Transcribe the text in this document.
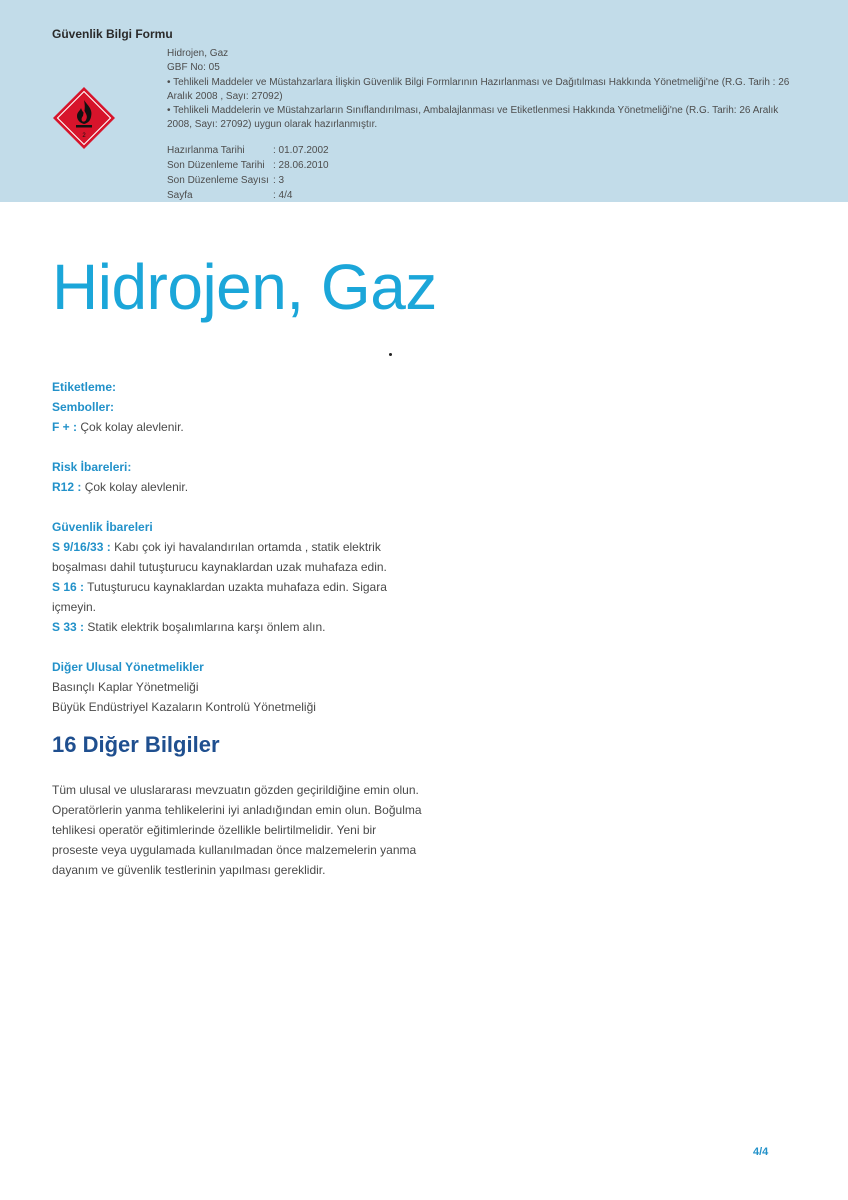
Güvenlik Bilgi Formu
2
Hidrojen, Gaz
GBF No: 05
• Tehlikeli Maddeler ve Müstahzarlara İlişkin Güvenlik Bilgi Formlarının Hazırlanması ve Dağıtılması Hakkında Yönetmeliği'ne (R.G. Tarih : 26 Aralık 2008 , Sayı: 27092)
• Tehlikeli Maddelerin ve Müstahzarların Sınıflandırılması, Ambalajlanması ve Etiketlenmesi Hakkında Yönetmeliği'ne (R.G. Tarih: 26 Aralık 2008, Sayı: 27092) uygun olarak hazırlanmıştır.
Hazırlanma Tarihi	: 01.07.2002
Son Düzenleme Tarihi : 28.06.2010
Son Düzenleme Sayısı : 3
Sayfa	: 4/4
Hidrojen, Gaz
Etiketleme:
Semboller:
F + : Çok kolay alevlenir.
Risk İbareleri:
R12 : Çok kolay alevlenir.
Güvenlik İbareleri
S 9/16/33 : Kabı çok iyi havalandırılan ortamda , statik elektrik boşalması dahil tutuşturucu kaynaklardan uzak muhafaza edin.
S 16 : Tutuşturucu kaynaklardan uzakta muhafaza edin. Sigara içmeyin.
S 33 : Statik elektrik boşalımlarına karşı önlem alın.
Diğer Ulusal Yönetmelikler
Basınçlı Kaplar Yönetmeliği
Büyük Endüstriyel Kazaların Kontrolü Yönetmeliği
16 Diğer Bilgiler
Tüm ulusal ve uluslararası mevzuatın gözden geçirildiğine emin olun. Operatörlerin yanma tehlikelerini iyi anladığından emin olun. Boğulma tehlikesi operatör eğitimlerinde özellikle belirtilmelidir. Yeni bir proseste veya uygulamada kullanılmadan önce malzemelerin yanma dayanım ve güvenlik testlerinin yapılması gereklidir.
4/4
